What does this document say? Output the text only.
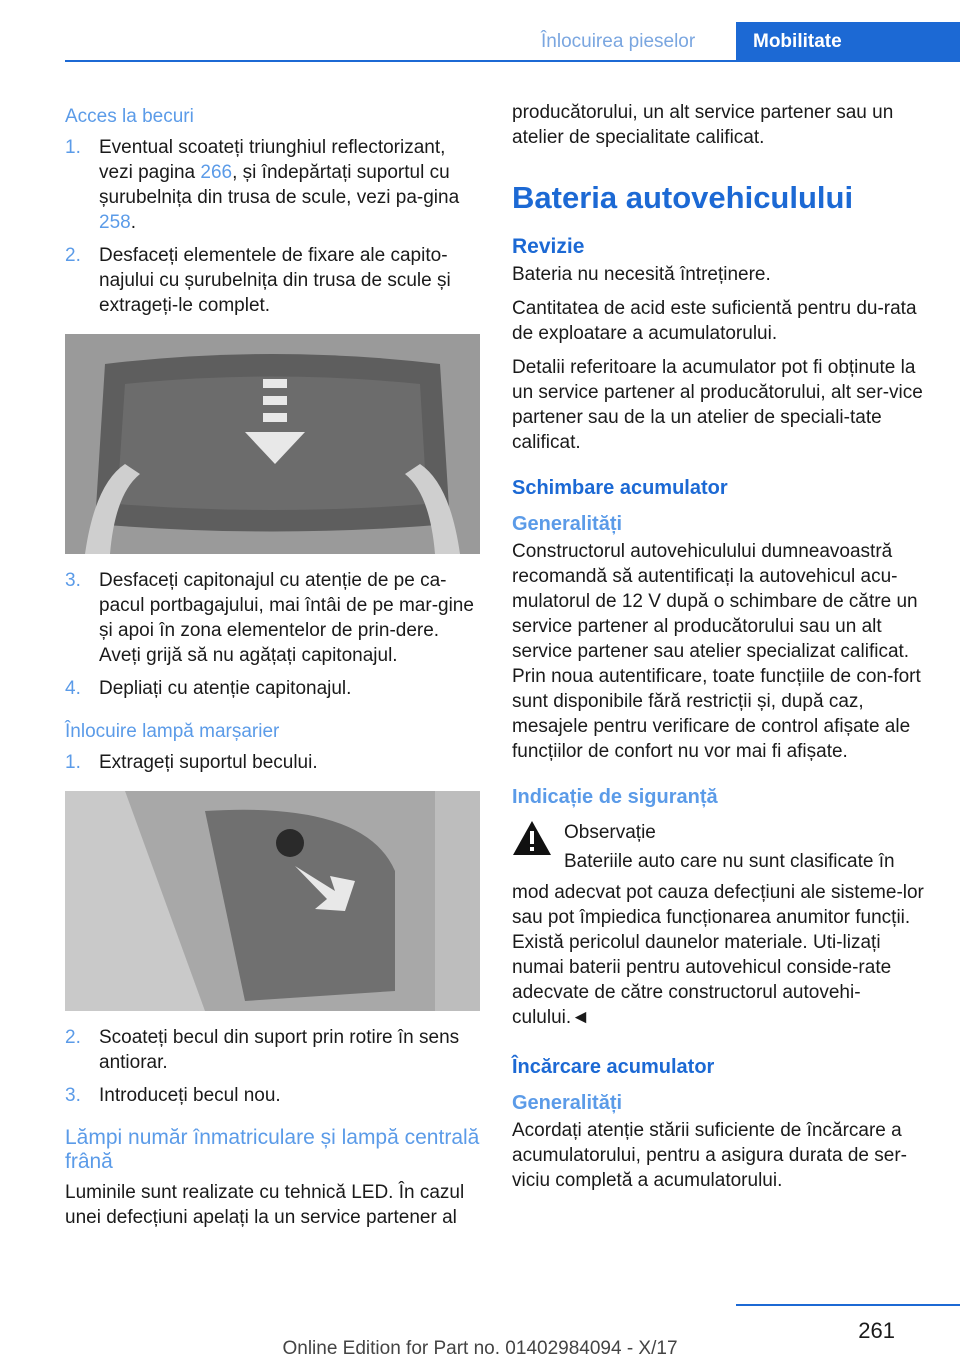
Înlocuirea pieselor	Mobilitate
Acces la becuri
1. Eventual scoateți triunghiul reflectorizant, vezi pagina 266, și îndepărtați suportul cu șurubelnița din trusa de scule, vezi pa-gina 258.
2. Desfaceți elementele de fixare ale capito-najului cu șurubelnița din trusa de scule și extrageți-le complet.
3. Desfaceți capitonajul cu atenție de pe ca-pacul portbagajului, mai întâi de pe mar-gine și apoi în zona elementelor de prin-dere. Aveți grijă să nu agățați capitonajul.
4. Depliați cu atenție capitonajul.
Înlocuire lampă marșarier
1. Extrageți suportul becului.
2. Scoateți becul din suport prin rotire în sens antiorar.
3. Introduceți becul nou.
Lămpi număr înmatriculare și lampă centrală frână
Luminile sunt realizate cu tehnică LED. În cazul unei defecțiuni apelați la un service partener al
producătorului, un alt service partener sau un atelier de specialitate calificat.
Bateria autovehiculului
Revizie
Bateria nu necesită întreținere.
Cantitatea de acid este suficientă pentru du-rata de exploatare a acumulatorului.
Detalii referitoare la acumulator pot fi obținute la un service partener al producătorului, alt ser-vice partener sau de la un atelier de speciali-tate calificat.
Schimbare acumulator
Generalități
Constructorul autovehiculului dumneavoastră recomandă să autentificați la autovehicul acu-mulatorul de 12 V după o schimbare de către un service partener al producătorului sau un alt service partener sau atelier specializat calificat. Prin noua autentificare, toate funcțiile de con-fort sunt disponibile fără restricții și, după caz, mesajele pentru verificare de control afișate ale funcțiilor de confort nu vor mai fi afișate.
Indicație de siguranță
Observație
Bateriile auto care nu sunt clasificate în
mod adecvat pot cauza defecțiuni ale sisteme-lor sau pot împiedica funcționarea anumitor funcții. Există pericolul daunelor materiale. Uti-lizați numai baterii pentru autovehicul conside-rate adecvate de către constructorul autovehi-culului.◄
Încărcare acumulator
Generalități
Acordați atenție stării suficiente de încărcare a acumulatorului, pentru a asigura durata de ser-viciu completă a acumulatorului.
261
Online Edition for Part no. 01402984094 - X/17
